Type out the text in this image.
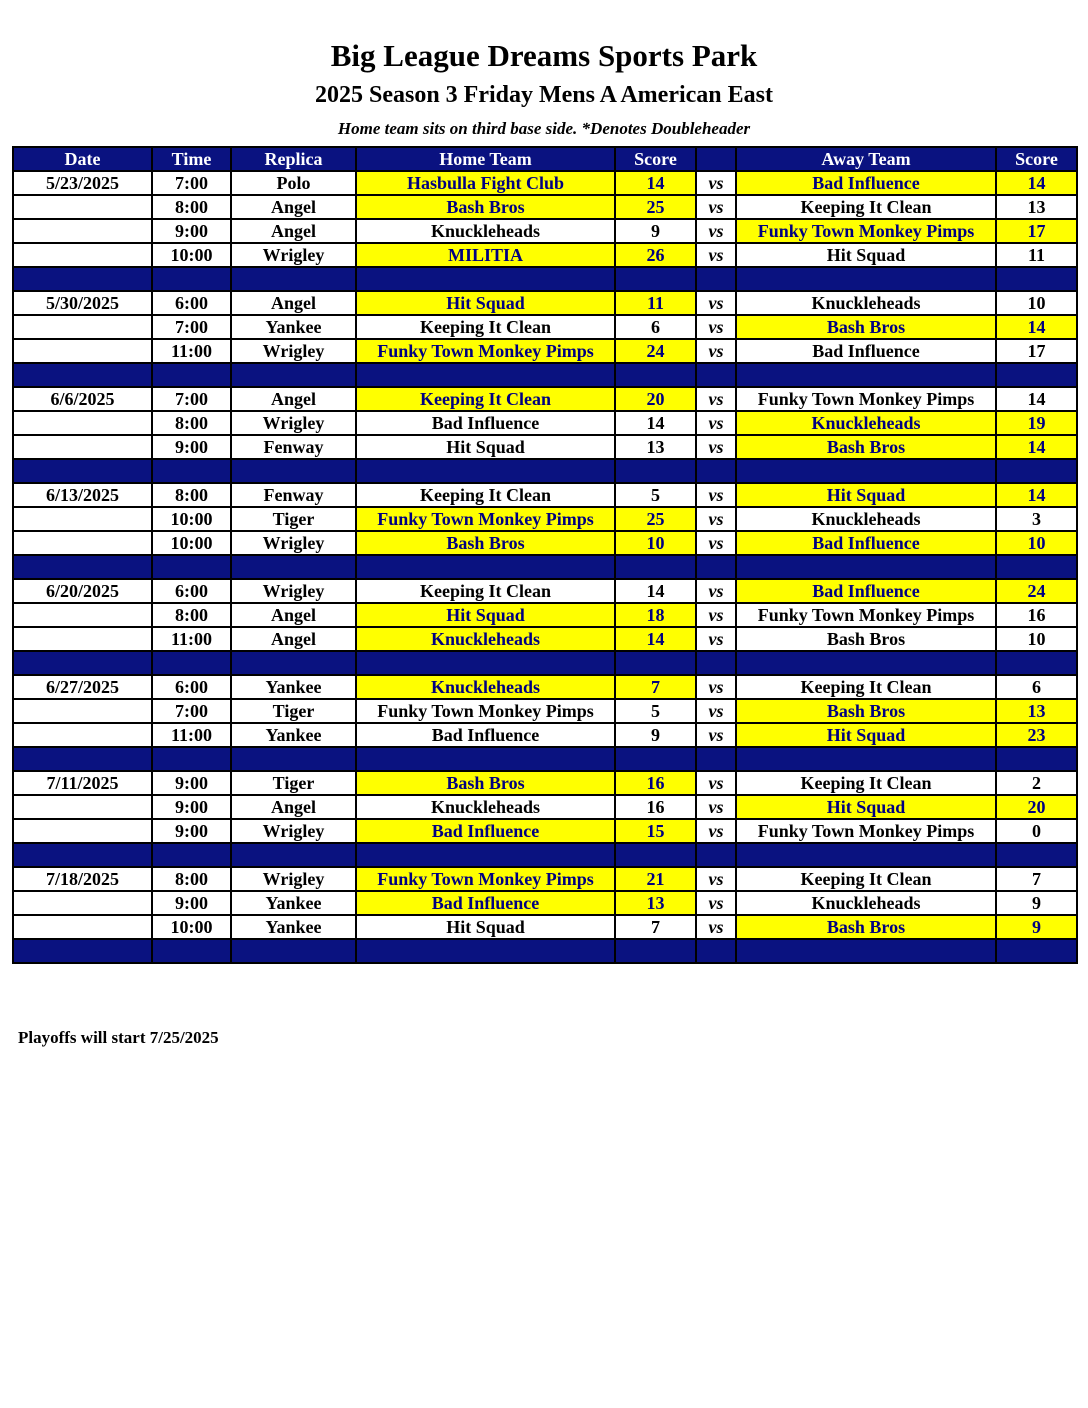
Big League Dreams Sports Park
2025 Season 3 Friday Mens A American East
Home team sits on third base side. *Denotes Doubleheader
Date	Time	Replica	Home Team	Score		Away Team	Score
5/23/2025	7:00	Polo	Hasbulla Fight Club	14	vs	Bad Influence	14
	8:00	Angel	Bash Bros	25	vs	Keeping It Clean	13
	9:00	Angel	Knuckleheads	9	vs	Funky Town Monkey Pimps	17
	10:00	Wrigley	MILITIA	26	vs	Hit Squad	11

5/30/2025	6:00	Angel	Hit Squad	11	vs	Knuckleheads	10
	7:00	Yankee	Keeping It Clean	6	vs	Bash Bros	14
	11:00	Wrigley	Funky Town Monkey Pimps	24	vs	Bad Influence	17

6/6/2025	7:00	Angel	Keeping It Clean	20	vs	Funky Town Monkey Pimps	14
	8:00	Wrigley	Bad Influence	14	vs	Knuckleheads	19
	9:00	Fenway	Hit Squad	13	vs	Bash Bros	14

6/13/2025	8:00	Fenway	Keeping It Clean	5	vs	Hit Squad	14
	10:00	Tiger	Funky Town Monkey Pimps	25	vs	Knuckleheads	3
	10:00	Wrigley	Bash Bros	10	vs	Bad Influence	10

6/20/2025	6:00	Wrigley	Keeping It Clean	14	vs	Bad Influence	24
	8:00	Angel	Hit Squad	18	vs	Funky Town Monkey Pimps	16
	11:00	Angel	Knuckleheads	14	vs	Bash Bros	10

6/27/2025	6:00	Yankee	Knuckleheads	7	vs	Keeping It Clean	6
	7:00	Tiger	Funky Town Monkey Pimps	5	vs	Bash Bros	13
	11:00	Yankee	Bad Influence	9	vs	Hit Squad	23

7/11/2025	9:00	Tiger	Bash Bros	16	vs	Keeping It Clean	2
	9:00	Angel	Knuckleheads	16	vs	Hit Squad	20
	9:00	Wrigley	Bad Influence	15	vs	Funky Town Monkey Pimps	0

7/18/2025	8:00	Wrigley	Funky Town Monkey Pimps	21	vs	Keeping It Clean	7
	9:00	Yankee	Bad Influence	13	vs	Knuckleheads	9
	10:00	Yankee	Hit Squad	7	vs	Bash Bros	9

Playoffs will start 7/25/2025
